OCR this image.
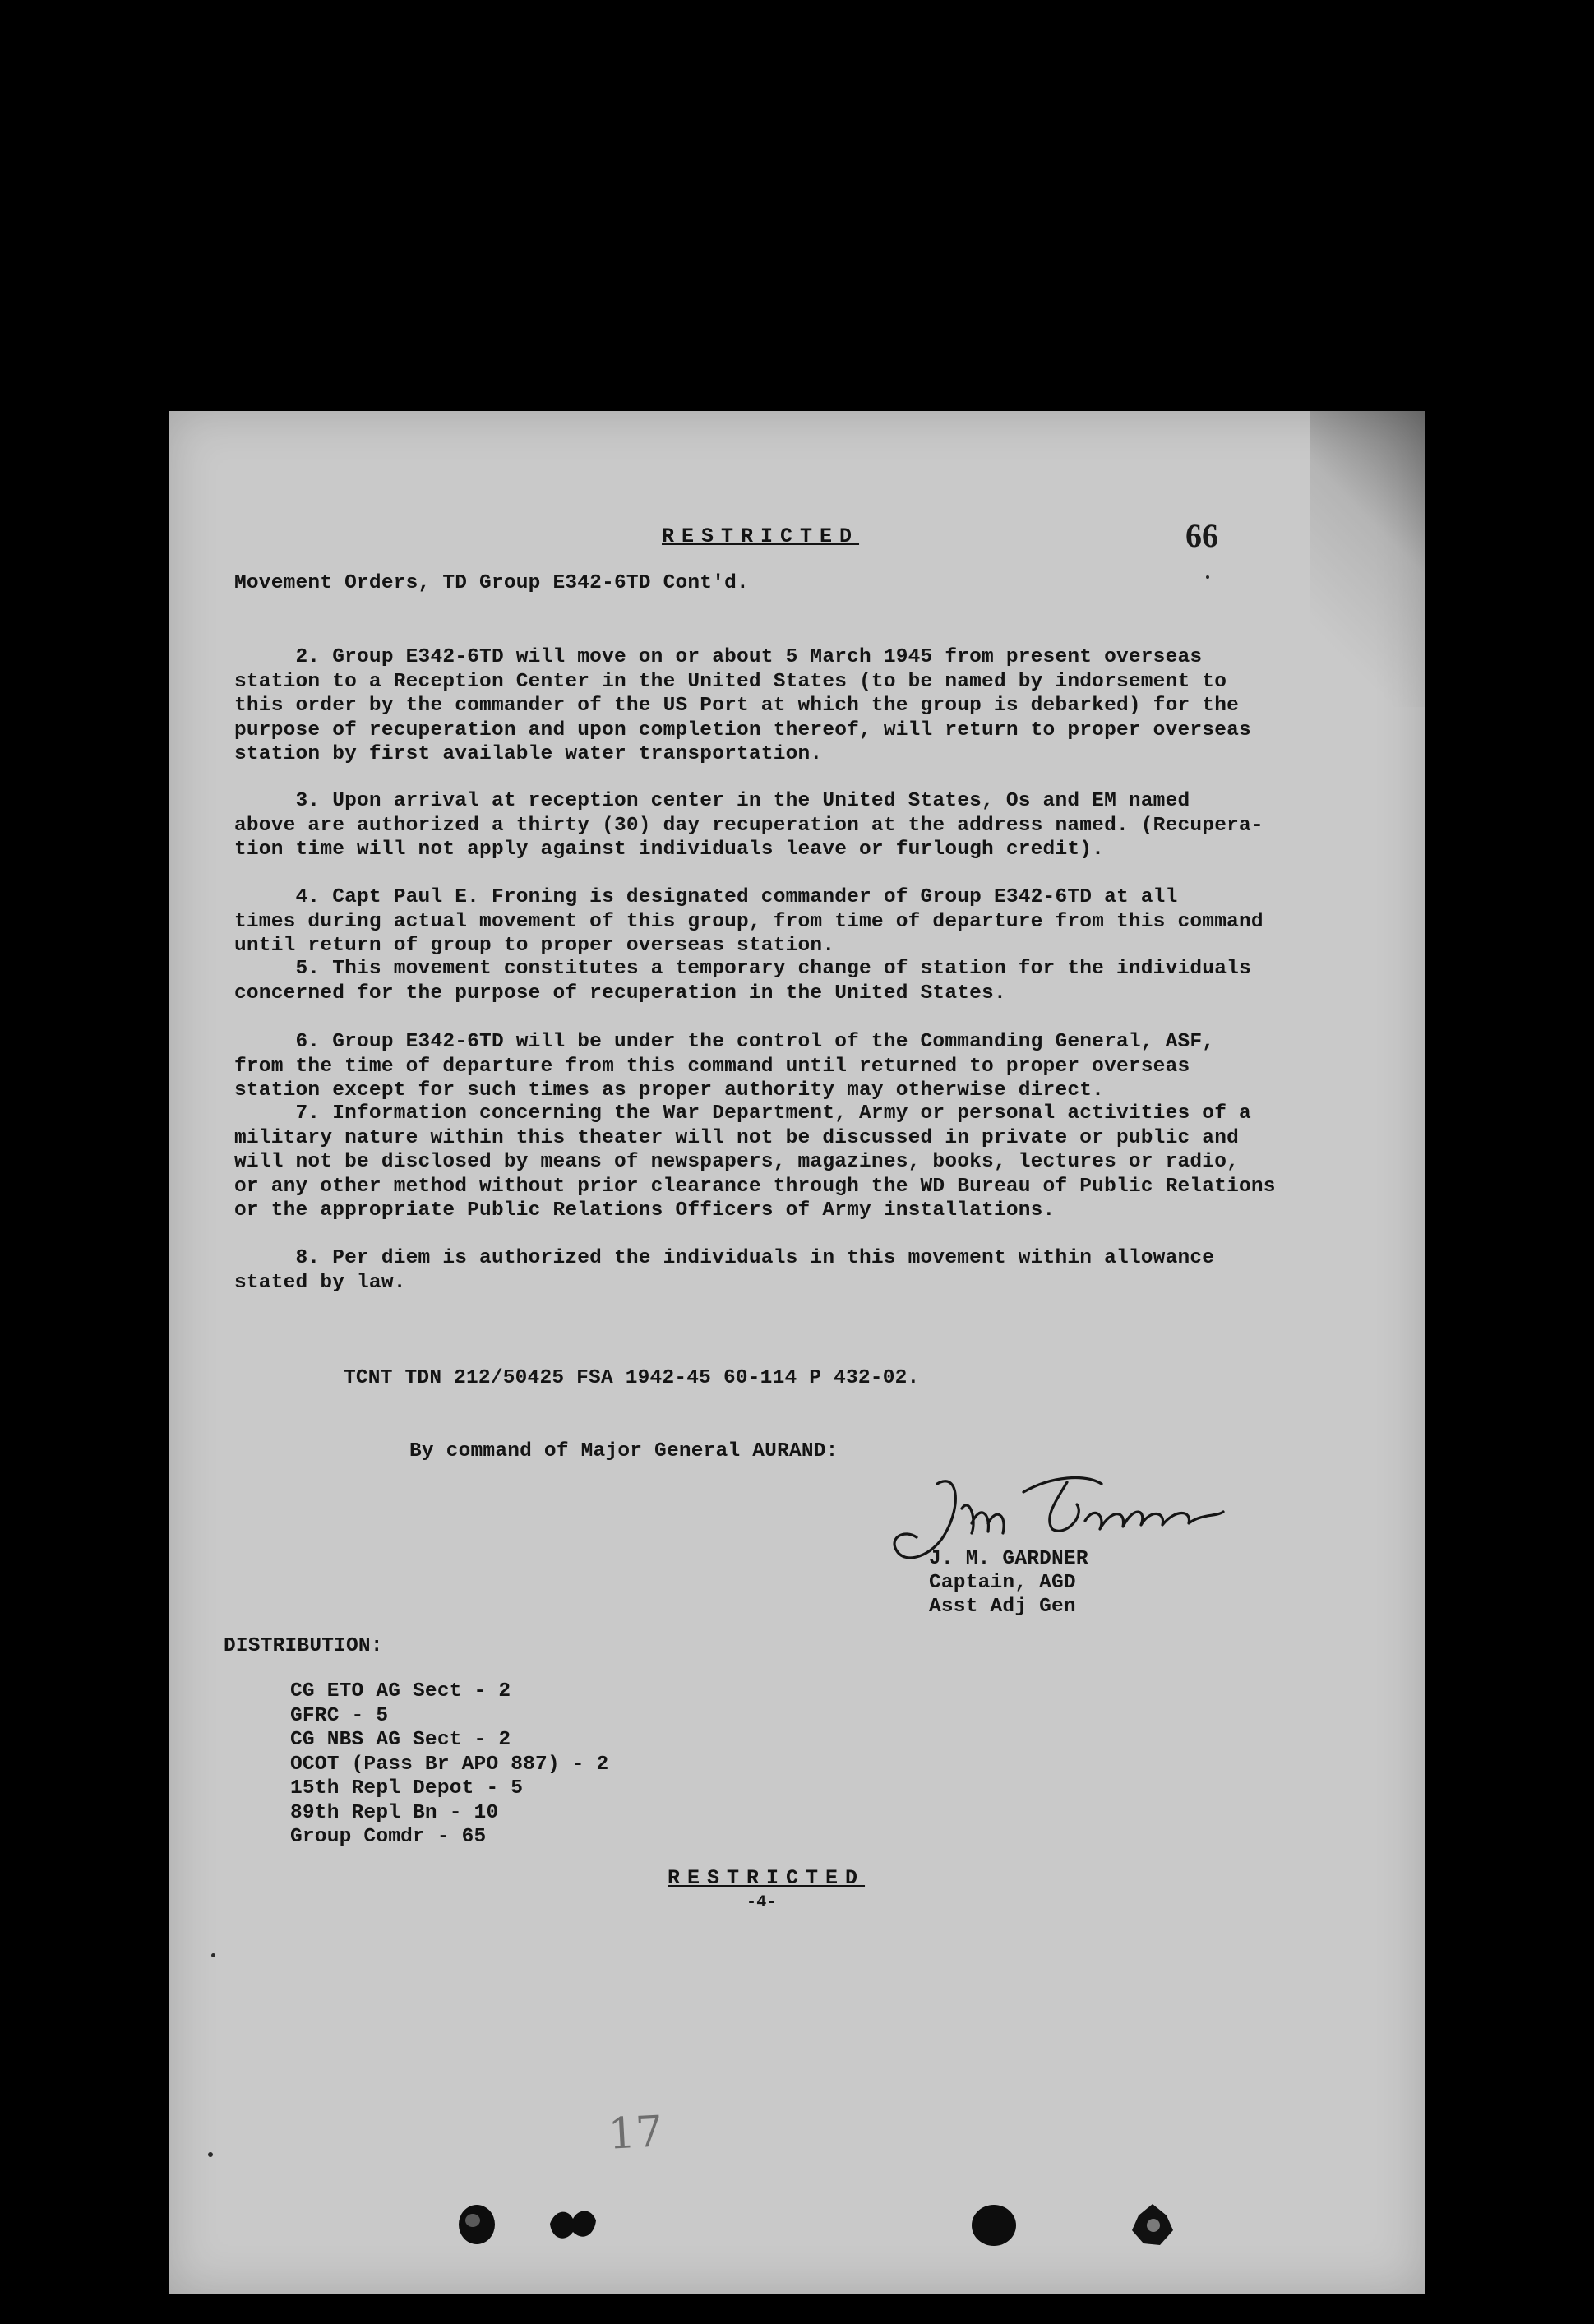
RESTRICTED	66
Movement Orders, TD Group E342-6TD Cont'd.
2. Group E342-6TD will move on or about 5 March 1945 from present overseas
station to a Reception Center in the United States (to be named by indorsement to
this order by the commander of the US Port at which the group is debarked) for the
purpose of recuperation and upon completion thereof, will return to proper overseas
station by first available water transportation.
3. Upon arrival at reception center in the United States, Os and EM named
above are authorized a thirty (30) day recuperation at the address named. (Recupera-
tion time will not apply against individuals leave or furlough credit).
4. Capt Paul E. Froning is designated commander of Group E342-6TD at all
times during actual movement of this group, from time of departure from this command
until return of group to proper overseas station.
5. This movement constitutes a temporary change of station for the individuals
concerned for the purpose of recuperation in the United States.
6. Group E342-6TD will be under the control of the Commanding General, ASF,
from the time of departure from this command until returned to proper overseas
station except for such times as proper authority may otherwise direct.
7. Information concerning the War Department, Army or personal activities of a
military nature within this theater will not be discussed in private or public and
will not be disclosed by means of newspapers, magazines, books, lectures or radio,
or any other method without prior clearance through the WD Bureau of Public Relations
or the appropriate Public Relations Officers of Army installations.
8. Per diem is authorized the individuals in this movement within allowance
stated by law.
TCNT TDN 212/50425 FSA 1942-45 60-114 P 432-02.
By command of Major General AURAND:
J. M. GARDNER
Captain, AGD
Asst Adj Gen
DISTRIBUTION:
CG ETO AG Sect - 2
GFRC - 5
CG NBS AG Sect - 2
OCOT (Pass Br APO 887) - 2
15th Repl Depot - 5
89th Repl Bn - 10
Group Comdr - 65
RESTRICTED
-4-
17
